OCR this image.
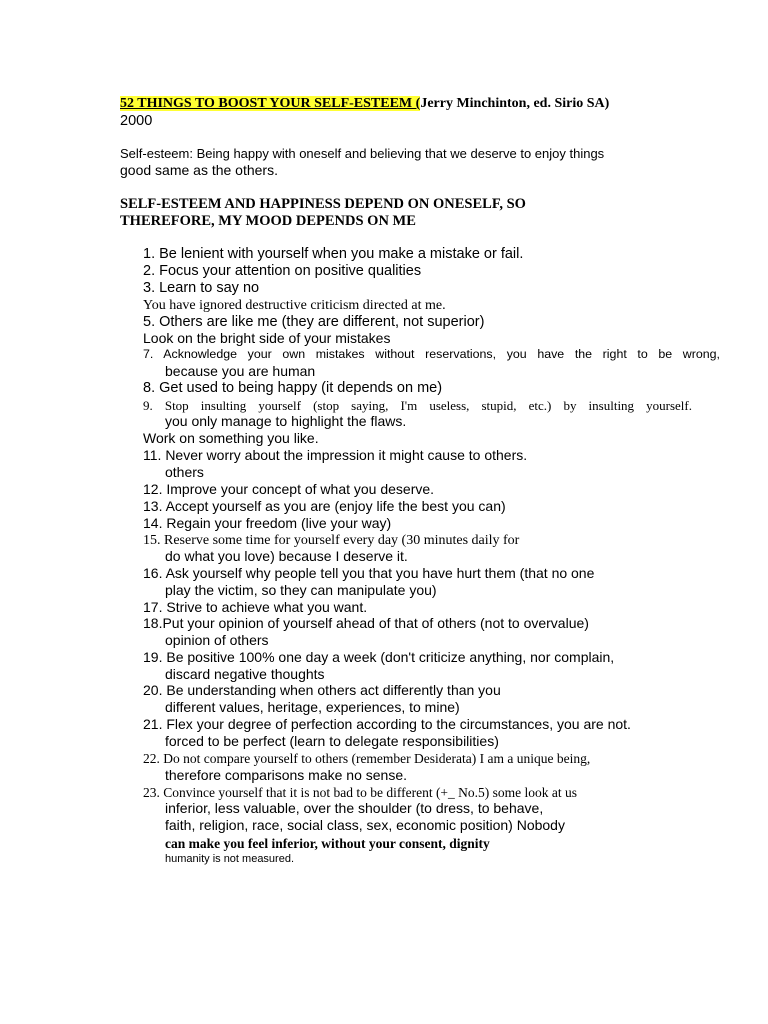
52 THINGS TO BOOST YOUR SELF-ESTEEM (Jerry Minchinton, ed. Sirio SA)
2000
Self-esteem: Being happy with oneself and believing that we deserve to enjoy things
good same as the others.
SELF-ESTEEM AND HAPPINESS DEPEND ON ONESELF, SO
THEREFORE, MY MOOD DEPENDS ON ME
1. Be lenient with yourself when you make a mistake or fail.
2. Focus your attention on positive qualities
3. Learn to say no
You have ignored destructive criticism directed at me.
5. Others are like me (they are different, not superior)
Look on the bright side of your mistakes
7. Acknowledge your own mistakes without reservations, you have the right to be wrong,
because you are human
8. Get used to being happy (it depends on me)
9. Stop insulting yourself (stop saying, I'm useless, stupid, etc.) by insulting yourself.
you only manage to highlight the flaws.
Work on something you like.
11. Never worry about the impression it might cause to others.
others
12. Improve your concept of what you deserve.
13. Accept yourself as you are (enjoy life the best you can)
14. Regain your freedom (live your way)
15. Reserve some time for yourself every day (30 minutes daily for
do what you love) because I deserve it.
16. Ask yourself why people tell you that you have hurt them (that no one
play the victim, so they can manipulate you)
17. Strive to achieve what you want.
18.Put your opinion of yourself ahead of that of others (not to overvalue)
opinion of others
19. Be positive 100% one day a week (don't criticize anything, nor complain,
discard negative thoughts
20. Be understanding when others act differently than you
different values, heritage, experiences, to mine)
21. Flex your degree of perfection according to the circumstances, you are not.
forced to be perfect (learn to delegate responsibilities)
22. Do not compare yourself to others (remember Desiderata) I am a unique being,
therefore comparisons make no sense.
23. Convince yourself that it is not bad to be different (+_ No.5) some look at us
inferior, less valuable, over the shoulder (to dress, to behave,
faith, religion, race, social class, sex, economic position) Nobody
can make you feel inferior, without your consent, dignity
humanity is not measured.
